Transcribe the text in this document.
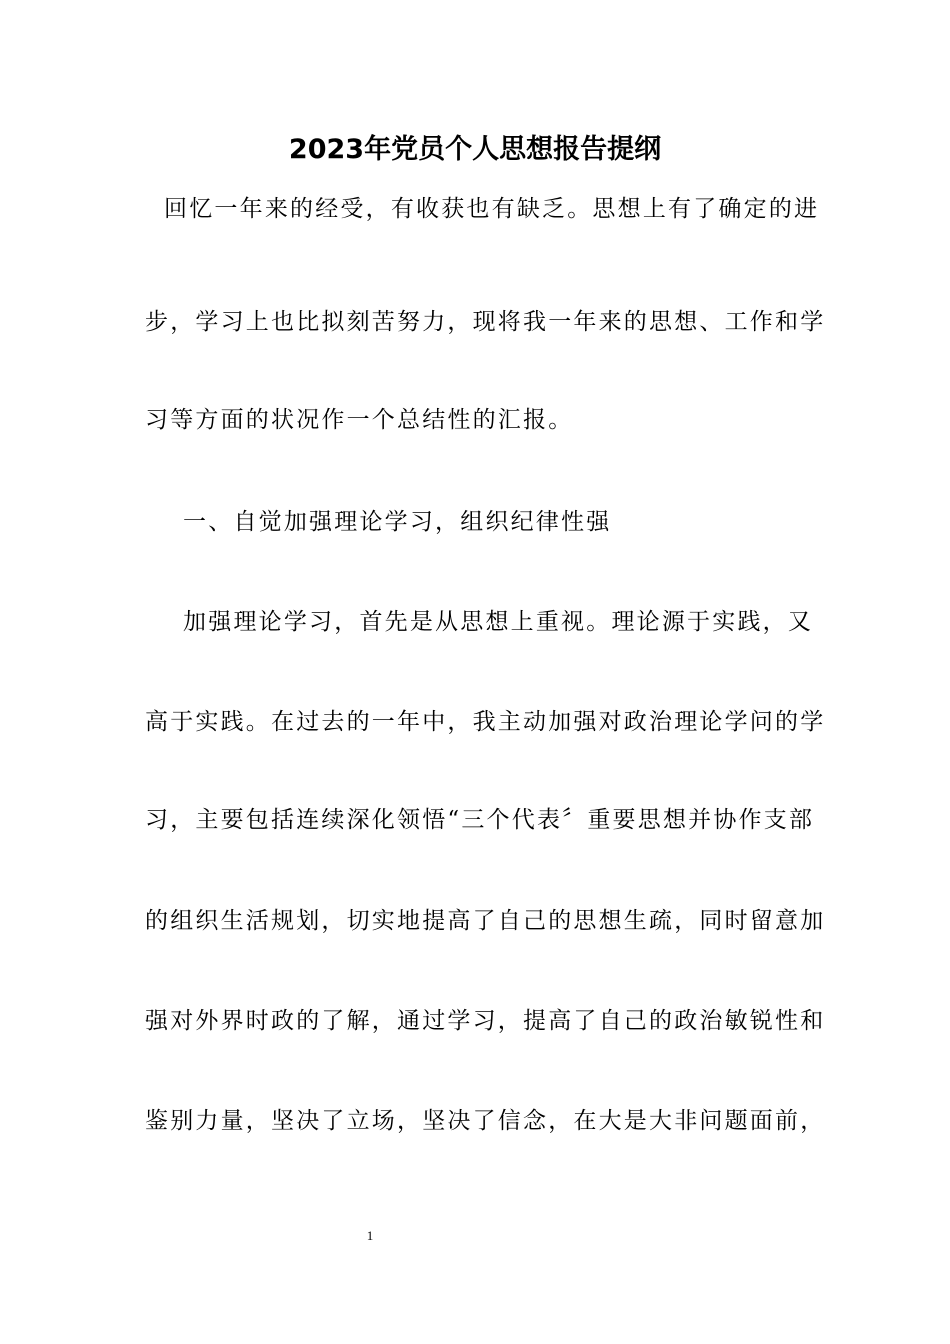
2023年党员个人思想报告提纲
回忆一年来的经受，有收获也有缺乏。思想上有了确定的进
步，学习上也比拟刻苦努力，现将我一年来的思想、工作和学
习等方面的状况作一个总结性的汇报。
一、自觉加强理论学习，组织纪律性强
加强理论学习，首先是从思想上重视。理论源于实践，又
高于实践。在过去的一年中，我主动加强对政治理论学问的学
习，主要包括连续深化领悟“三个代表〞重要思想并协作支部
的组织生活规划，切实地提高了自己的思想生疏，同时留意加
强对外界时政的了解，通过学习，提高了自己的政治敏锐性和
鉴别力量，坚决了立场，坚决了信念，在大是大非问题面前，
1
